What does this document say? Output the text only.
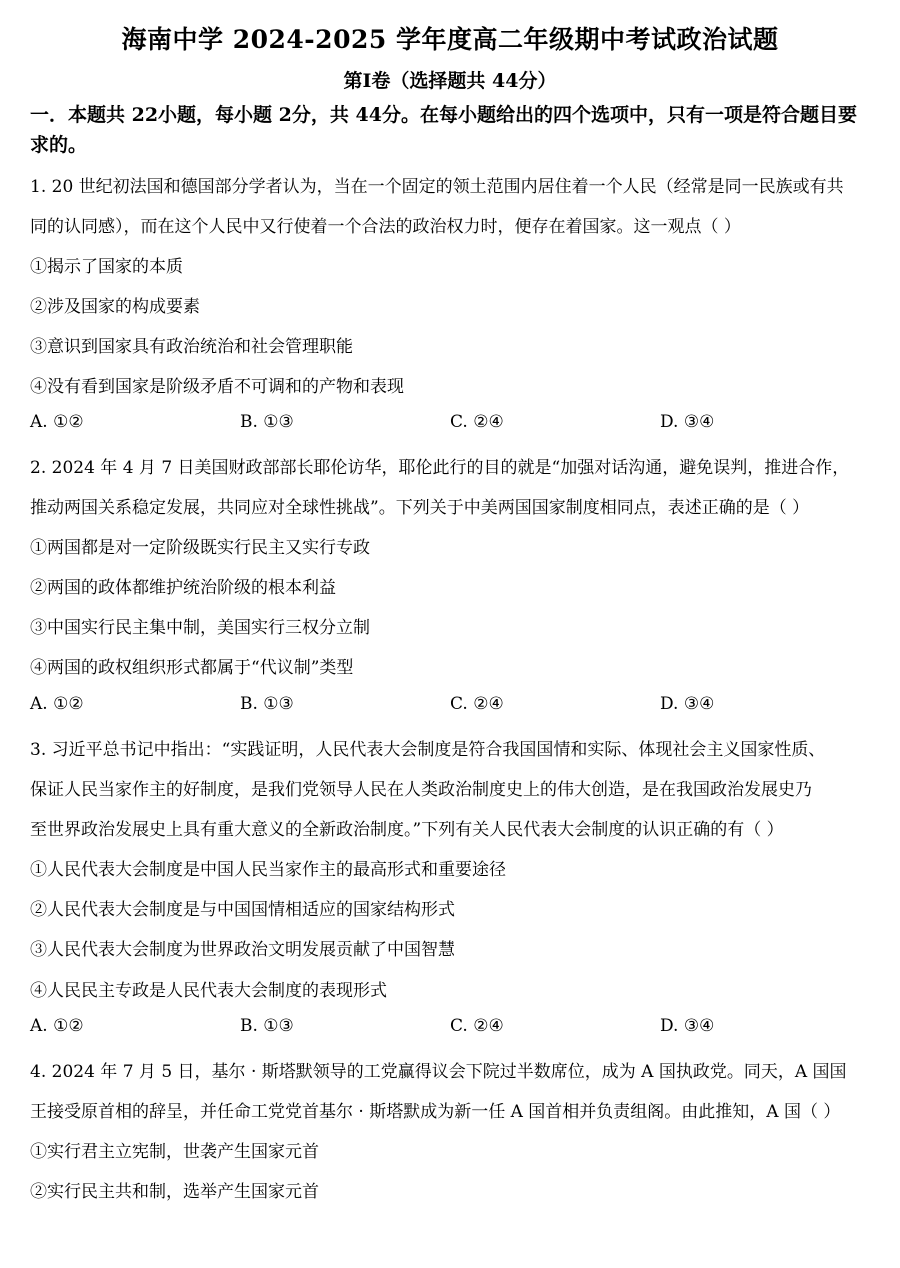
海南中学 2024-2025 学年度高二年级期中考试政治试题
第Ⅰ卷（选择题共 44分）
一．本题共 22小题，每小题 2分，共 44分。在每小题给出的四个选项中，只有一项是符合题目要求的。
1. 20 世纪初法国和德国部分学者认为，当在一个固定的领土范围内居住着一个人民（经常是同一民族或有共
同的认同感），而在这个人民中又行使着一个合法的政治权力时，便存在着国家。这一观点（ ）
①揭示了国家的本质
②涉及国家的构成要素
③意识到国家具有政治统治和社会管理职能
④没有看到国家是阶级矛盾不可调和的产物和表现
A. ①②	B. ①③	C. ②④	D. ③④
2. 2024 年 4 月 7 日美国财政部部长耶伦访华，耶伦此行的目的就是“加强对话沟通，避免误判，推进合作，
推动两国关系稳定发展，共同应对全球性挑战”。下列关于中美两国国家制度相同点，表述正确的是（ ）
①两国都是对一定阶级既实行民主又实行专政
②两国的政体都维护统治阶级的根本利益
③中国实行民主集中制，美国实行三权分立制
④两国的政权组织形式都属于“代议制”类型
A. ①②	B. ①③	C. ②④	D. ③④
3. 习近平总书记中指出：“实践证明，人民代表大会制度是符合我国国情和实际、体现社会主义国家性质、
保证人民当家作主的好制度，是我们党领导人民在人类政治制度史上的伟大创造，是在我国政治发展史乃
至世界政治发展史上具有重大意义的全新政治制度。”下列有关人民代表大会制度的认识正确的有（ ）
①人民代表大会制度是中国人民当家作主的最高形式和重要途径
②人民代表大会制度是与中国国情相适应的国家结构形式
③人民代表大会制度为世界政治文明发展贡献了中国智慧
④人民民主专政是人民代表大会制度的表现形式
A. ①②	B. ①③	C. ②④	D. ③④
4. 2024 年 7 月 5 日，基尔 · 斯塔默领导的工党赢得议会下院过半数席位，成为 A 国执政党。同天，A 国国
王接受原首相的辞呈，并任命工党党首基尔 · 斯塔默成为新一任 A 国首相并负责组阁。由此推知，A 国（ ）
①实行君主立宪制，世袭产生国家元首
②实行民主共和制，选举产生国家元首
